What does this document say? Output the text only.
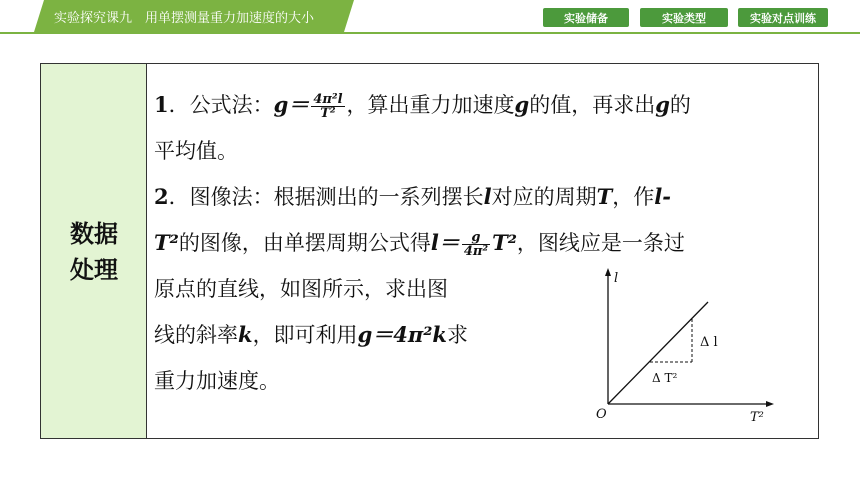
实验探究课九　用单摆测量重力加速度的大小	实验储备	实验类型	实验对点训练
数据
处理
1．公式法：$g= \frac{\text{4π²l}}{\text{T²}}$ ，算出重力加速度g的值，再求出g的
平均值。
2．图像法：根据测出的一系列摆长l对应的周期T，作l-
T²的图像，由单摆周期公式得$l= \frac{g}{\text{4π²}} T^2$，图线应是一条过
原点的直线，如图所示，求出图
线的斜率k，即可利用g＝4π²k求
重力加速度。
l
T²
O
Δ l
Δ T²
